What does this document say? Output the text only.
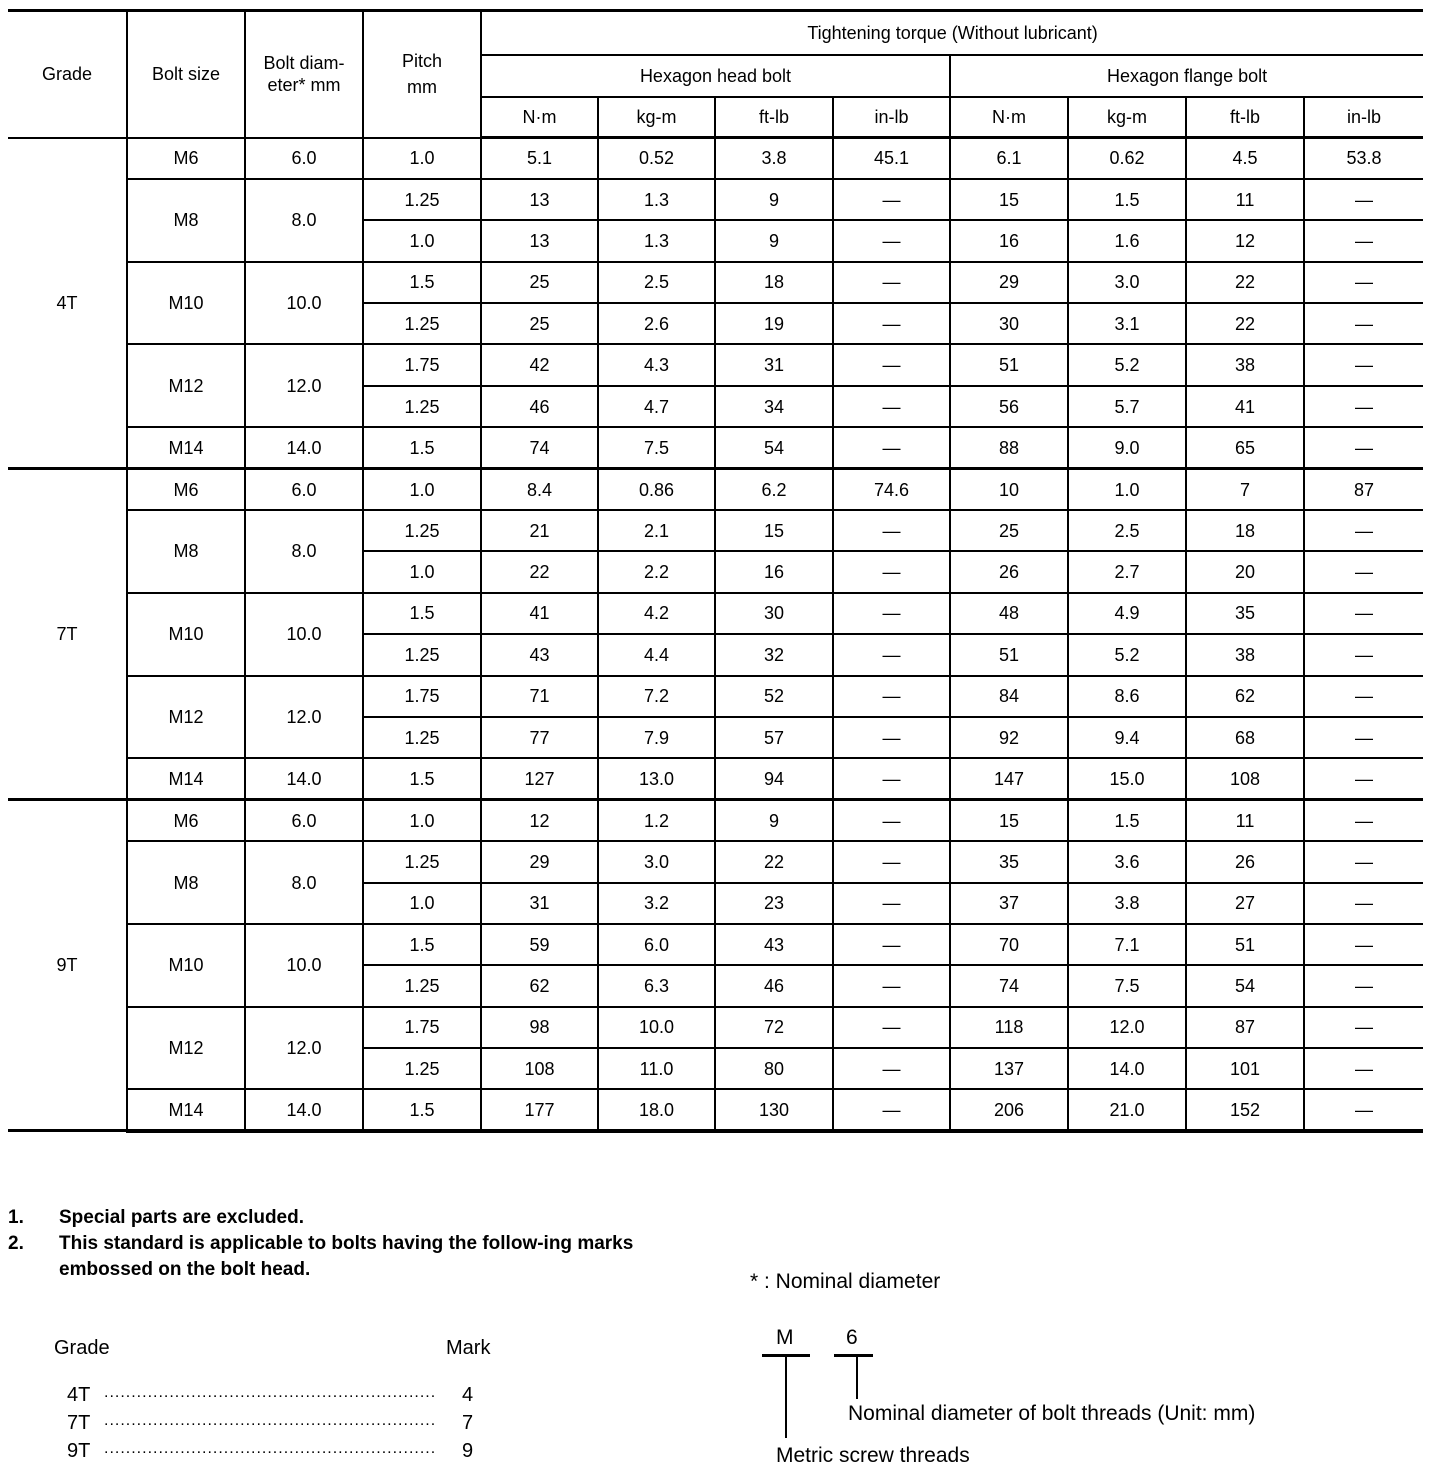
Grade	Bolt size	Bolt diam-eter* mm	Pitch mm	Tightening torque (Without lubricant)							
				Hexagon head bolt				Hexagon flange bolt			
				N·m	kg-m	ft-lb	in-lb	N·m	kg-m	ft-lb	in-lb
4T	M6	6.0	1.0	5.1	0.52	3.8	45.1	6.1	0.62	4.5	53.8
	M8	8.0	1.25	13	1.3	9	—	15	1.5	11	—
			1.0	13	1.3	9	—	16	1.6	12	—
	M10	10.0	1.5	25	2.5	18	—	29	3.0	22	—
			1.25	25	2.6	19	—	30	3.1	22	—
	M12	12.0	1.75	42	4.3	31	—	51	5.2	38	—
			1.25	46	4.7	34	—	56	5.7	41	—
	M14	14.0	1.5	74	7.5	54	—	88	9.0	65	—
7T	M6	6.0	1.0	8.4	0.86	6.2	74.6	10	1.0	7	87
	M8	8.0	1.25	21	2.1	15	—	25	2.5	18	—
			1.0	22	2.2	16	—	26	2.7	20	—
	M10	10.0	1.5	41	4.2	30	—	48	4.9	35	—
			1.25	43	4.4	32	—	51	5.2	38	—
	M12	12.0	1.75	71	7.2	52	—	84	8.6	62	—
			1.25	77	7.9	57	—	92	9.4	68	—
	M14	14.0	1.5	127	13.0	94	—	147	15.0	108	—
9T	M6	6.0	1.0	12	1.2	9	—	15	1.5	11	—
	M8	8.0	1.25	29	3.0	22	—	35	3.6	26	—
			1.0	31	3.2	23	—	37	3.8	27	—
	M10	10.0	1.5	59	6.0	43	—	70	7.1	51	—
			1.25	62	6.3	46	—	74	7.5	54	—
	M12	12.0	1.75	98	10.0	72	—	118	12.0	87	—
			1.25	108	11.0	80	—	137	14.0	101	—
	M14	14.0	1.5	177	18.0	130	—	206	21.0	152	—
1. Special parts are excluded.
2. This standard is applicable to bolts having the follow-ing marks embossed on the bolt head.
Grade	Mark
4T .............................................................	4
7T .............................................................	7
9T .............................................................	9
* : Nominal diameter
M	6
Nominal diameter of bolt threads (Unit: mm)
Metric screw threads
